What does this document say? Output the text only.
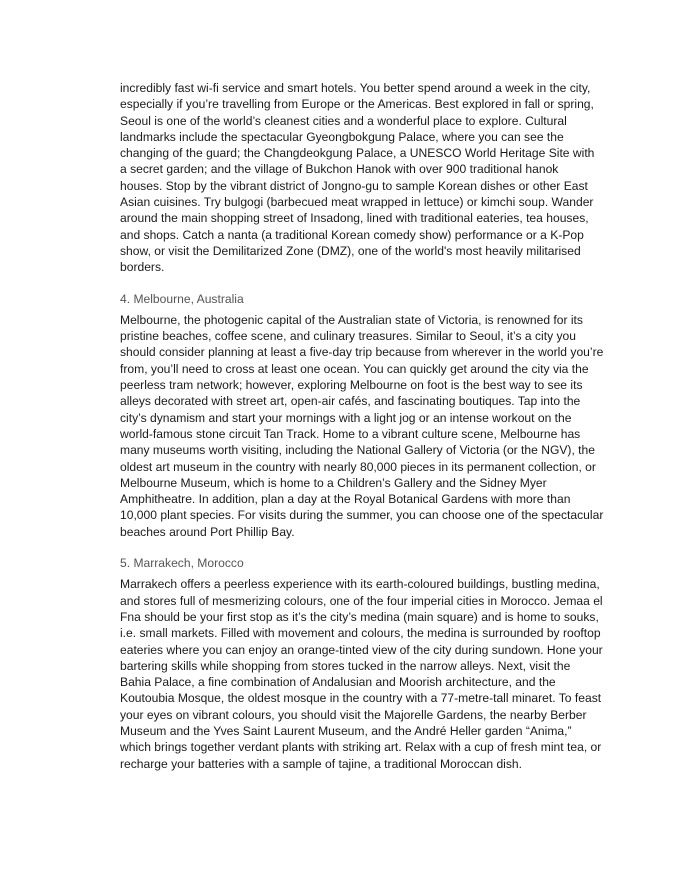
incredibly fast wi-fi service and smart hotels. You better spend around a week in the city, especially if you’re travelling from Europe or the Americas. Best explored in fall or spring, Seoul is one of the world’s cleanest cities and a wonderful place to explore. Cultural landmarks include the spectacular Gyeongbokgung Palace, where you can see the changing of the guard; the Changdeokgung Palace, a UNESCO World Heritage Site with a secret garden; and the village of Bukchon Hanok with over 900 traditional hanok houses. Stop by the vibrant district of Jongno-gu to sample Korean dishes or other East Asian cuisines. Try bulgogi (barbecued meat wrapped in lettuce) or kimchi soup. Wander around the main shopping street of Insadong, lined with traditional eateries, tea houses, and shops. Catch a nanta (a traditional Korean comedy show) performance or a K-Pop show, or visit the Demilitarized Zone (DMZ), one of the world's most heavily militarised borders.

4. Melbourne, Australia

Melbourne, the photogenic capital of the Australian state of Victoria, is renowned for its pristine beaches, coffee scene, and culinary treasures. Similar to Seoul, it’s a city you should consider planning at least a five-day trip because from wherever in the world you’re from, you’ll need to cross at least one ocean. You can quickly get around the city via the peerless tram network; however, exploring Melbourne on foot is the best way to see its alleys decorated with street art, open-air cafés, and fascinating boutiques. Tap into the city’s dynamism and start your mornings with a light jog or an intense workout on the world-famous stone circuit Tan Track. Home to a vibrant culture scene, Melbourne has many museums worth visiting, including the National Gallery of Victoria (or the NGV), the oldest art museum in the country with nearly 80,000 pieces in its permanent collection, or Melbourne Museum, which is home to a Children’s Gallery and the Sidney Myer Amphitheatre. In addition, plan a day at the Royal Botanical Gardens with more than 10,000 plant species. For visits during the summer, you can choose one of the spectacular beaches around Port Phillip Bay.

5. Marrakech, Morocco

Marrakech offers a peerless experience with its earth-coloured buildings, bustling medina, and stores full of mesmerizing colours, one of the four imperial cities in Morocco. Jemaa el Fna should be your first stop as it’s the city’s medina (main square) and is home to souks, i.e. small markets. Filled with movement and colours, the medina is surrounded by rooftop eateries where you can enjoy an orange-tinted view of the city during sundown. Hone your bartering skills while shopping from stores tucked in the narrow alleys. Next, visit the Bahia Palace, a fine combination of Andalusian and Moorish architecture, and the Koutoubia Mosque, the oldest mosque in the country with a 77-metre-tall minaret. To feast your eyes on vibrant colours, you should visit the Majorelle Gardens, the nearby Berber Museum and the Yves Saint Laurent Museum, and the André Heller garden “Anima,” which brings together verdant plants with striking art. Relax with a cup of fresh mint tea, or recharge your batteries with a sample of tajine, a traditional Moroccan dish.
